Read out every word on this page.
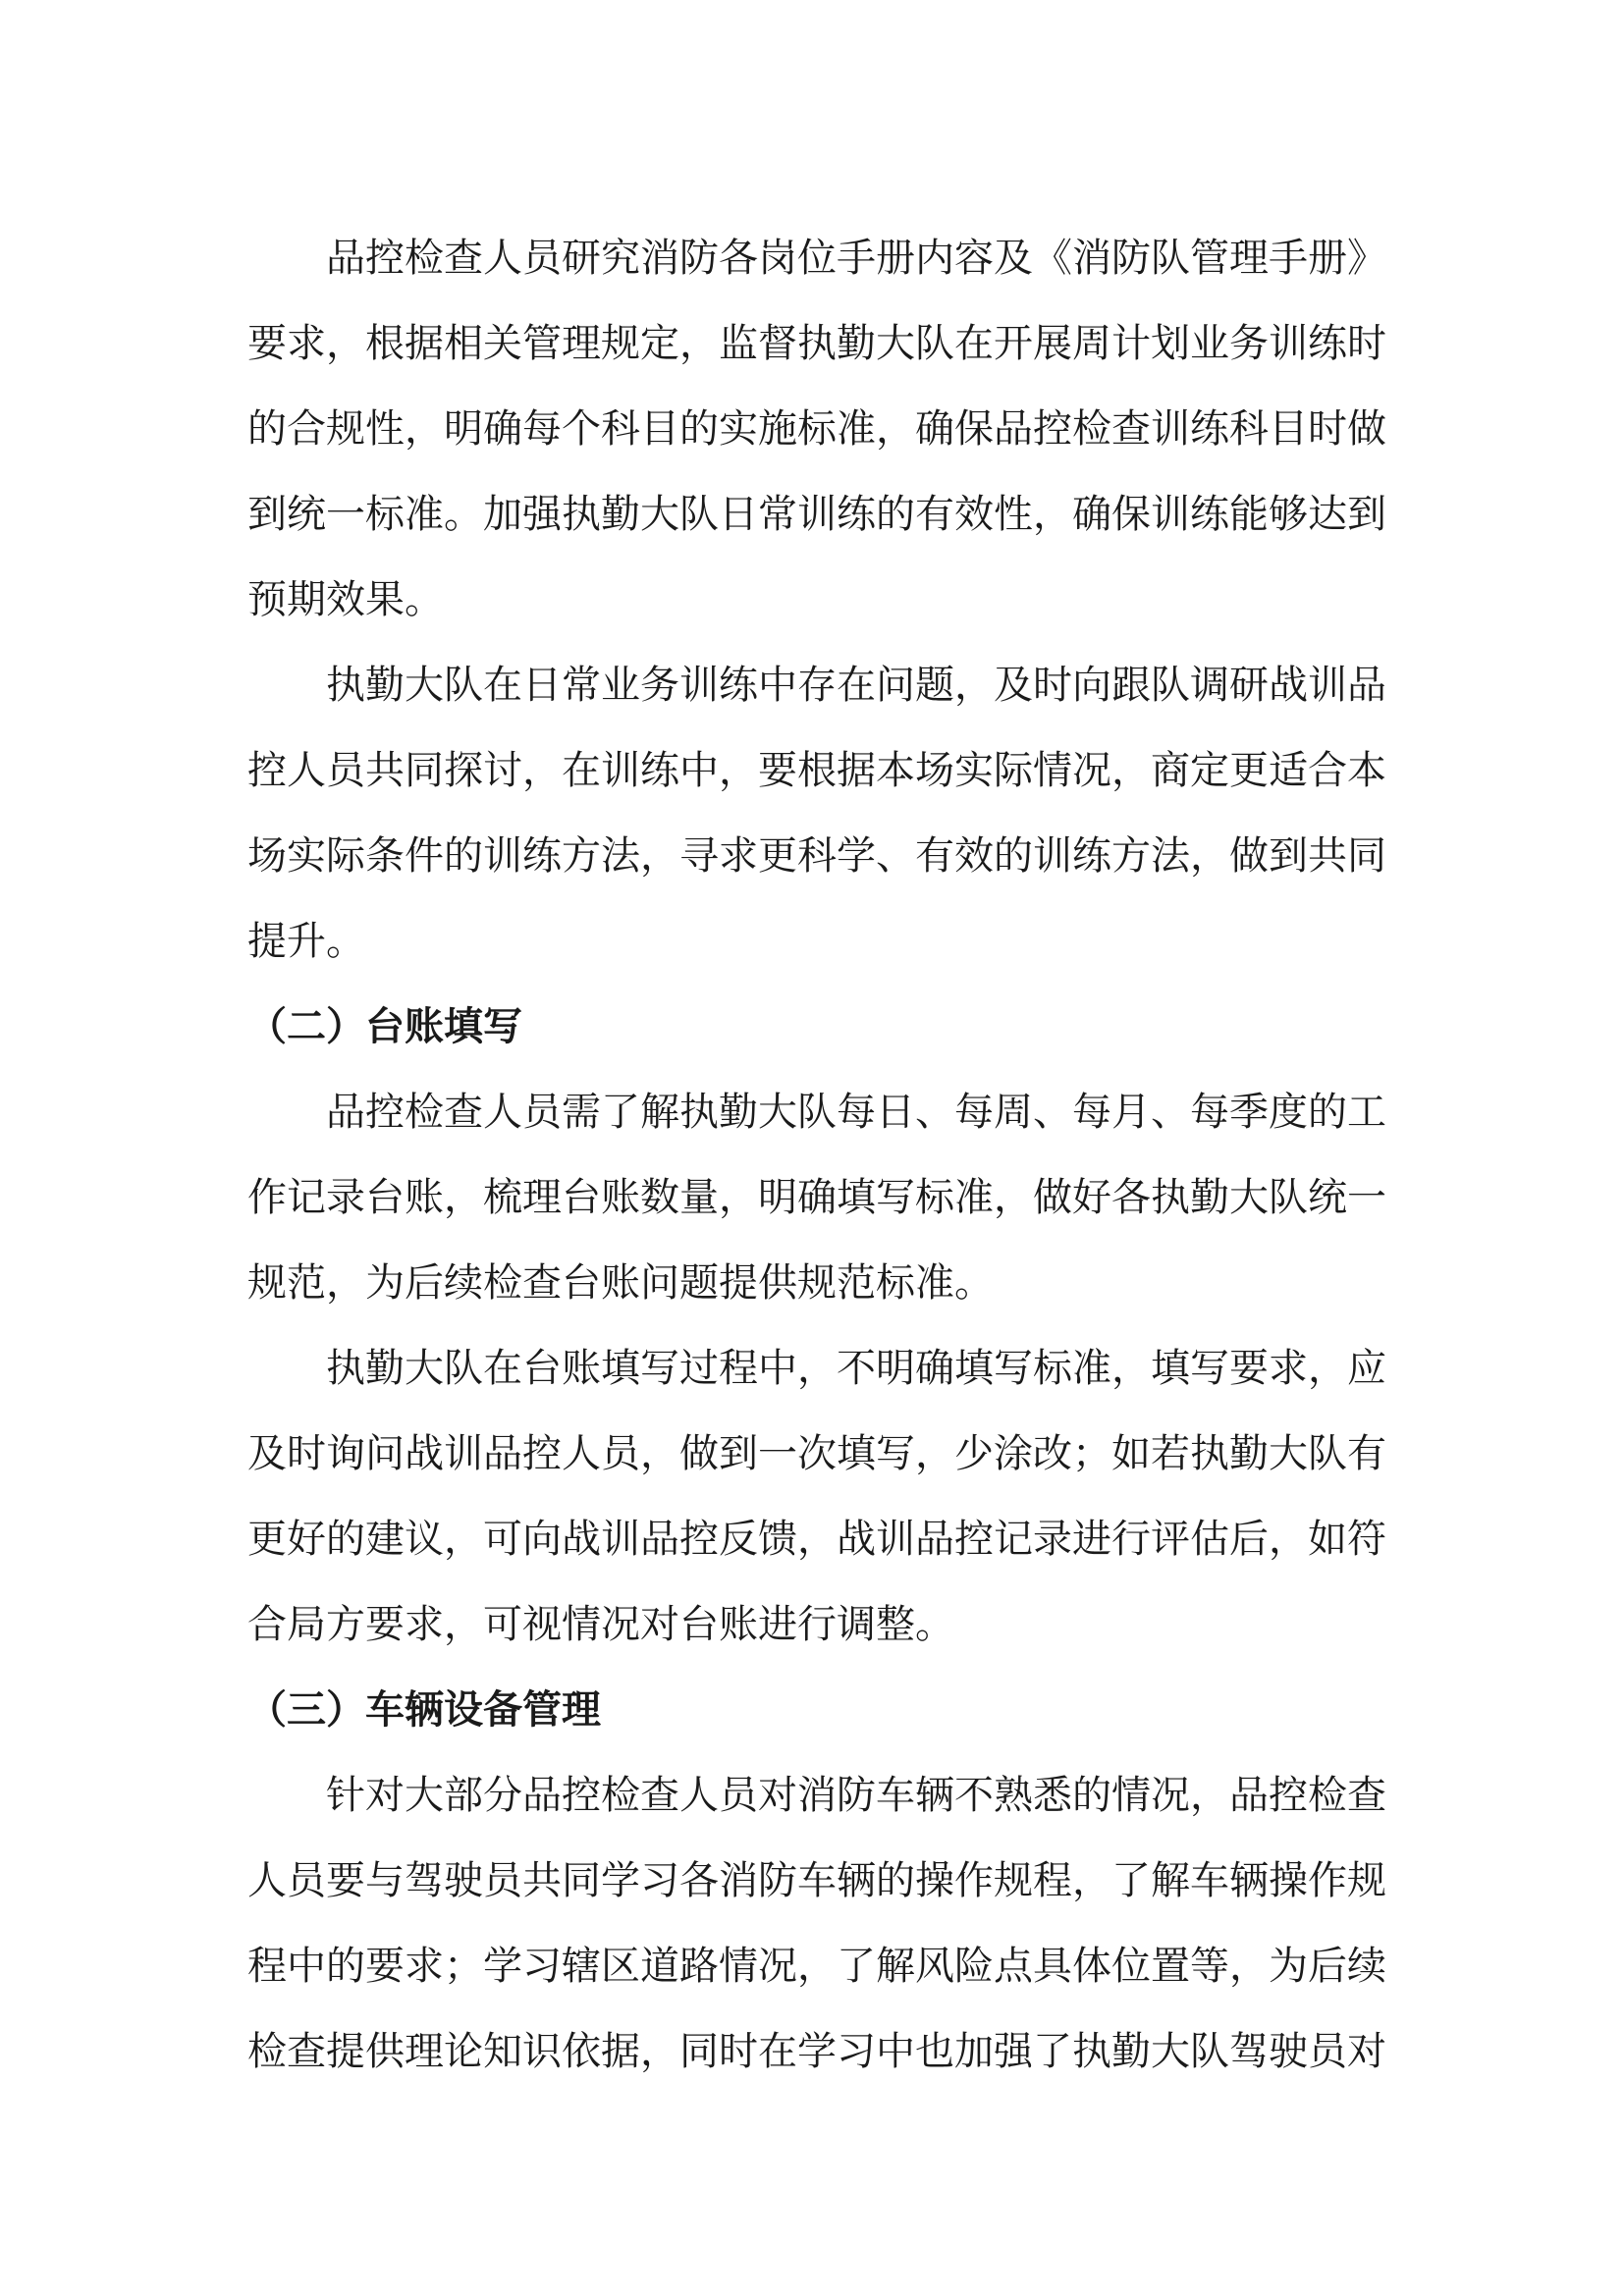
品控检查人员研究消防各岗位手册内容及《消防队管理手册》要求，根据相关管理规定，监督执勤大队在开展周计划业务训练时的合规性，明确每个科目的实施标准，确保品控检查训练科目时做到统一标准。加强执勤大队日常训练的有效性，确保训练能够达到预期效果。

执勤大队在日常业务训练中存在问题，及时向跟队调研战训品控人员共同探讨，在训练中，要根据本场实际情况，商定更适合本场实际条件的训练方法，寻求更科学、有效的训练方法，做到共同提升。

（二）台账填写

品控检查人员需了解执勤大队每日、每周、每月、每季度的工作记录台账，梳理台账数量，明确填写标准，做好各执勤大队统一规范，为后续检查台账问题提供规范标准。

执勤大队在台账填写过程中，不明确填写标准，填写要求，应及时询问战训品控人员，做到一次填写，少涂改；如若执勤大队有更好的建议，可向战训品控反馈，战训品控记录进行评估后，如符合局方要求，可视情况对台账进行调整。

（三）车辆设备管理

针对大部分品控检查人员对消防车辆不熟悉的情况，品控检查人员要与驾驶员共同学习各消防车辆的操作规程，了解车辆操作规程中的要求；学习辖区道路情况，了解风险点具体位置等，为后续检查提供理论知识依据，同时在学习中也加强了执勤大队驾驶员对
